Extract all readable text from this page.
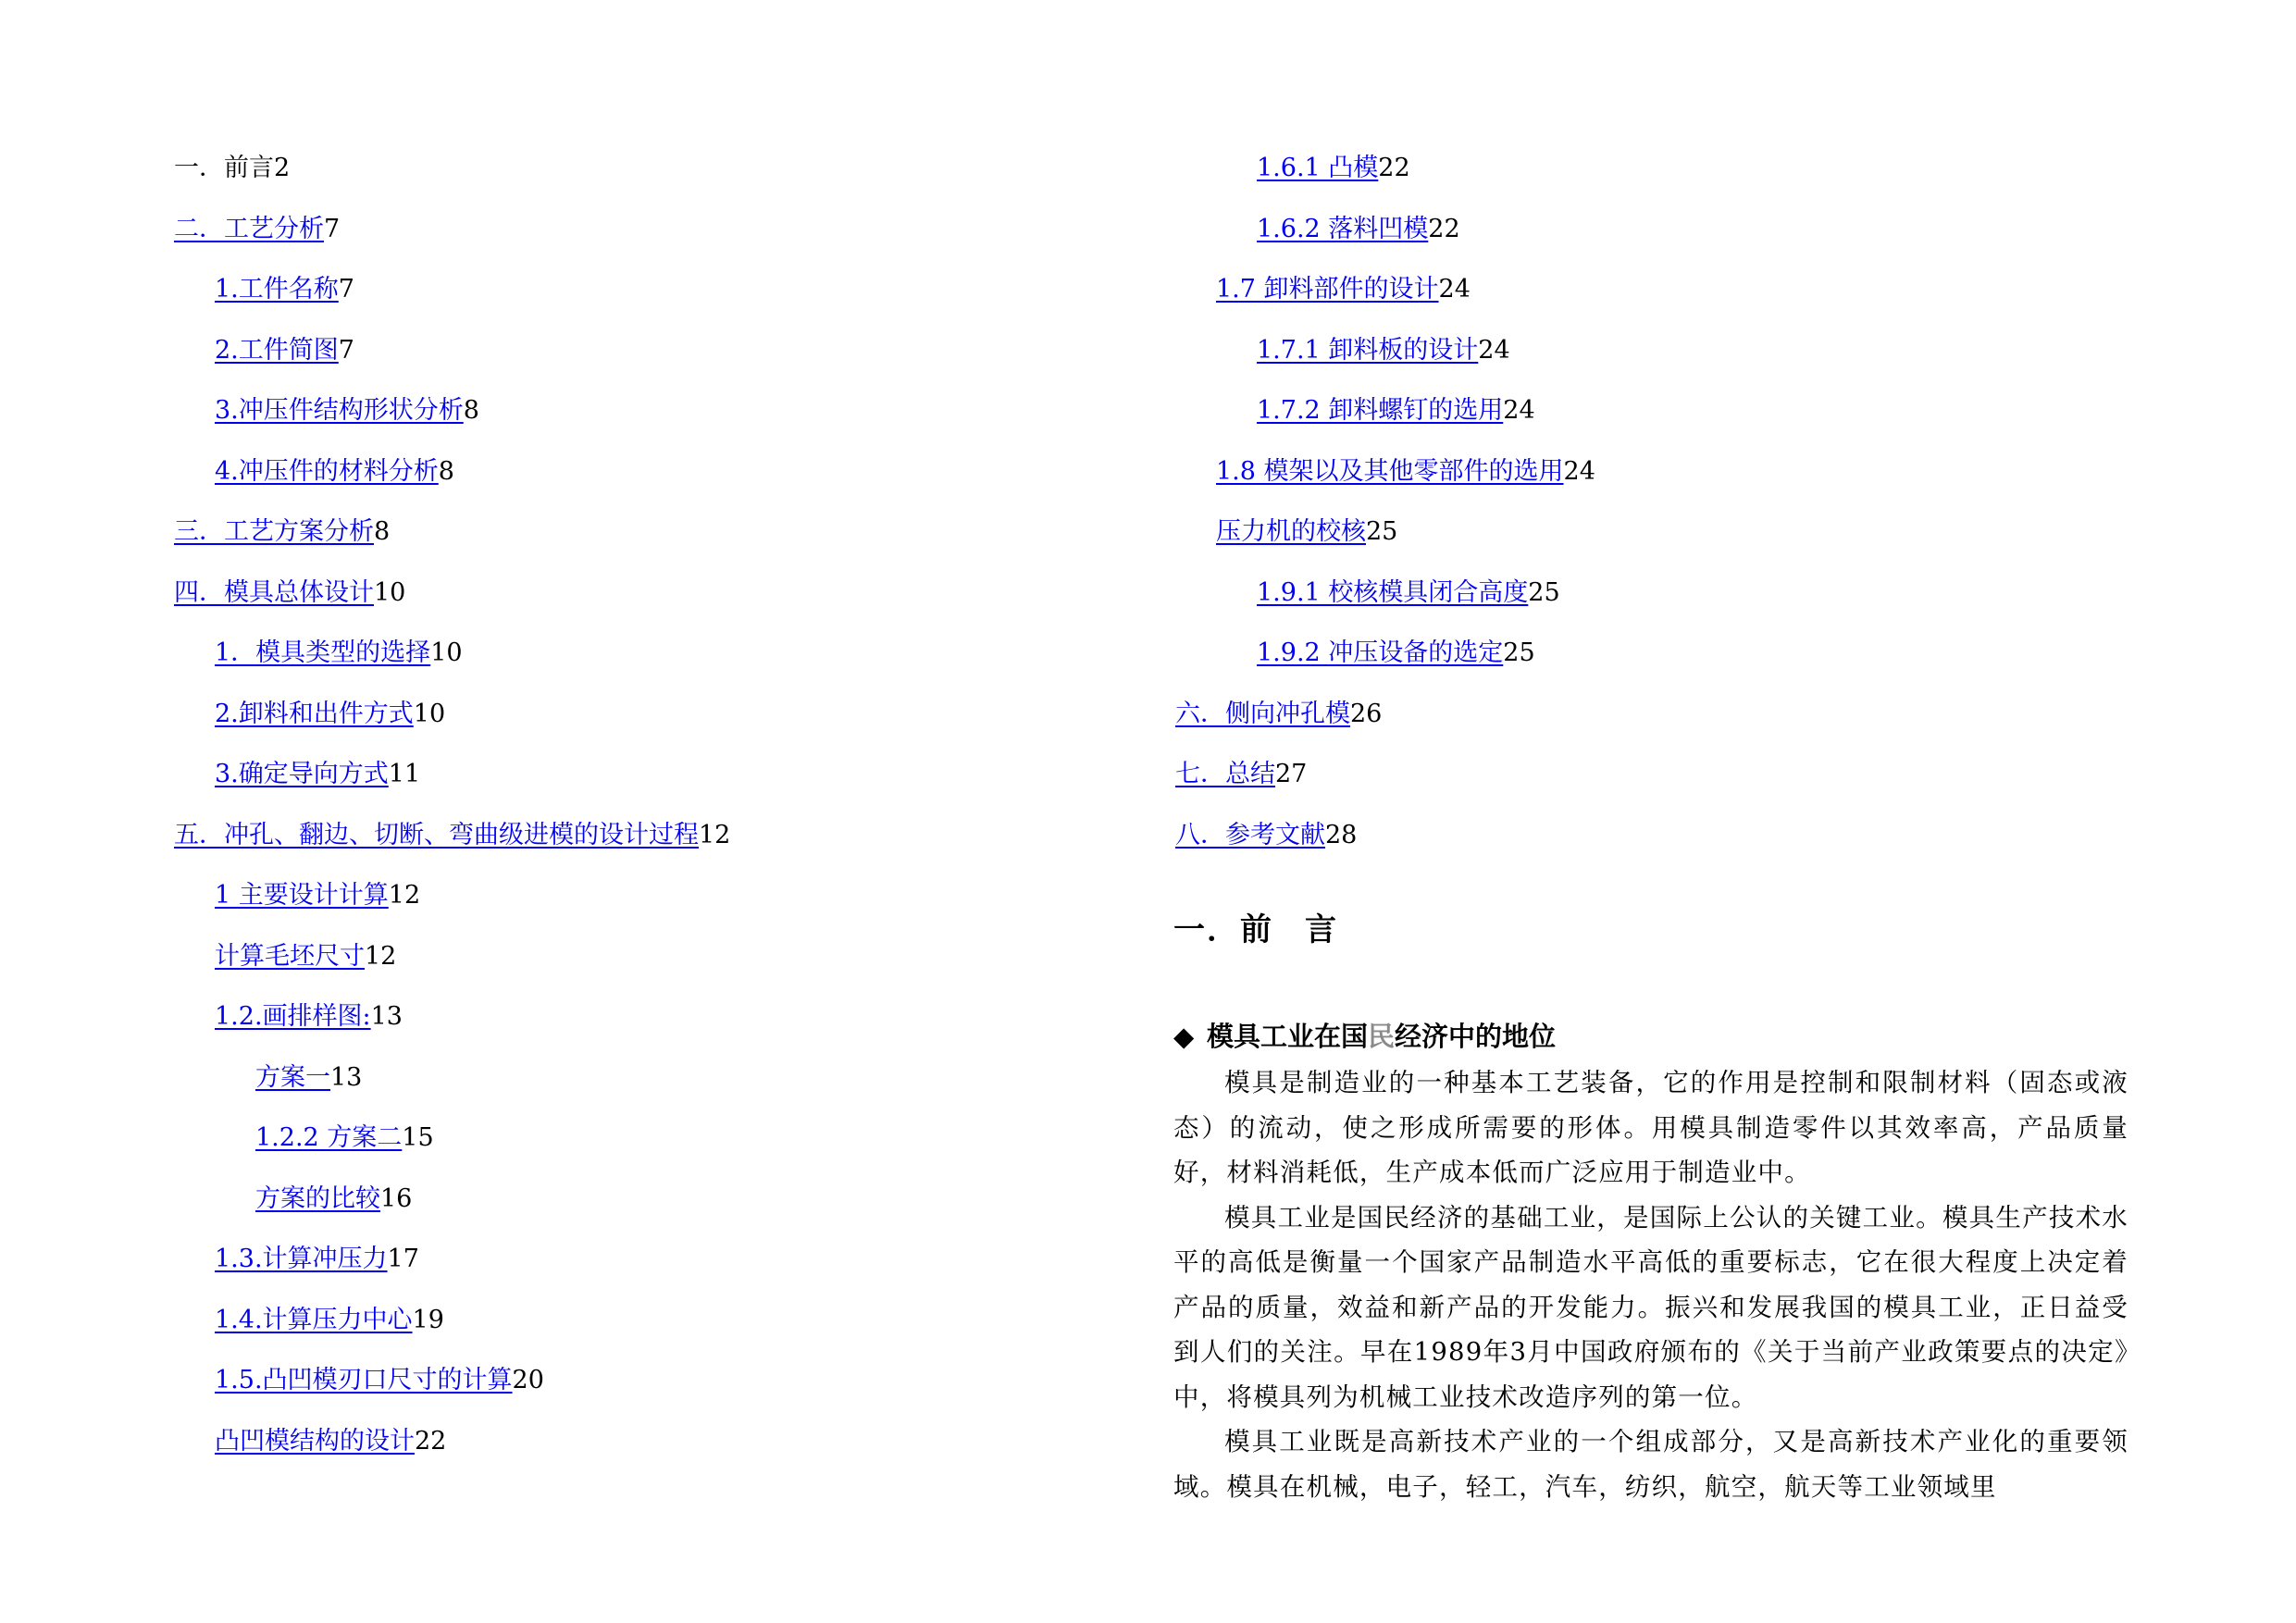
一．前言2
二．工艺分析7
1.工件名称7
2.工件简图7
3.冲压件结构形状分析8
4.冲压件的材料分析8
三．工艺方案分析8
四．模具总体设计10
1．模具类型的选择10
2.卸料和出件方式10
3.确定导向方式11
五．冲孔、翻边、切断、弯曲级进模的设计过程12
1 主要设计计算12
计算毛坯尺寸12
1.2.画排样图:13
方案一13
1.2.2 方案二15
方案的比较16
1.3.计算冲压力17
1.4.计算压力中心19
1.5.凸凹模刃口尺寸的计算20
凸凹模结构的设计22
1.6.1 凸模22
1.6.2 落料凹模22
1.7 卸料部件的设计24
1.7.1 卸料板的设计24
1.7.2 卸料螺钉的选用24
1.8 模架以及其他零部件的选用24
压力机的校核25
1.9.1 校核模具闭合高度25
1.9.2 冲压设备的选定25
六．侧向冲孔模26
七．总结27
八．参考文献28
一．前 言
◆ 模具工业在国民经济中的地位

模具是制造业的一种基本工艺装备，它的作用是控制和限制材料（固态或液态）的流动，使之形成所需要的形体。用模具制造零件以其效率高，产品质量好，材料消耗低，生产成本低而广泛应用于制造业中。

模具工业是国民经济的基础工业，是国际上公认的关键工业。模具生产技术水平的高低是衡量一个国家产品制造水平高低的重要标志，它在很大程度上决定着产品的质量，效益和新产品的开发能力。振兴和发展我国的模具工业，正日益受到人们的关注。早在1989年3月中国政府颁布的《关于当前产业政策要点的决定》中，将模具列为机械工业技术改造序列的第一位。

模具工业既是高新技术产业的一个组成部分，又是高新技术产业化的重要领域。模具在机械，电子，轻工，汽车，纺织，航空，航天等工业领域里
